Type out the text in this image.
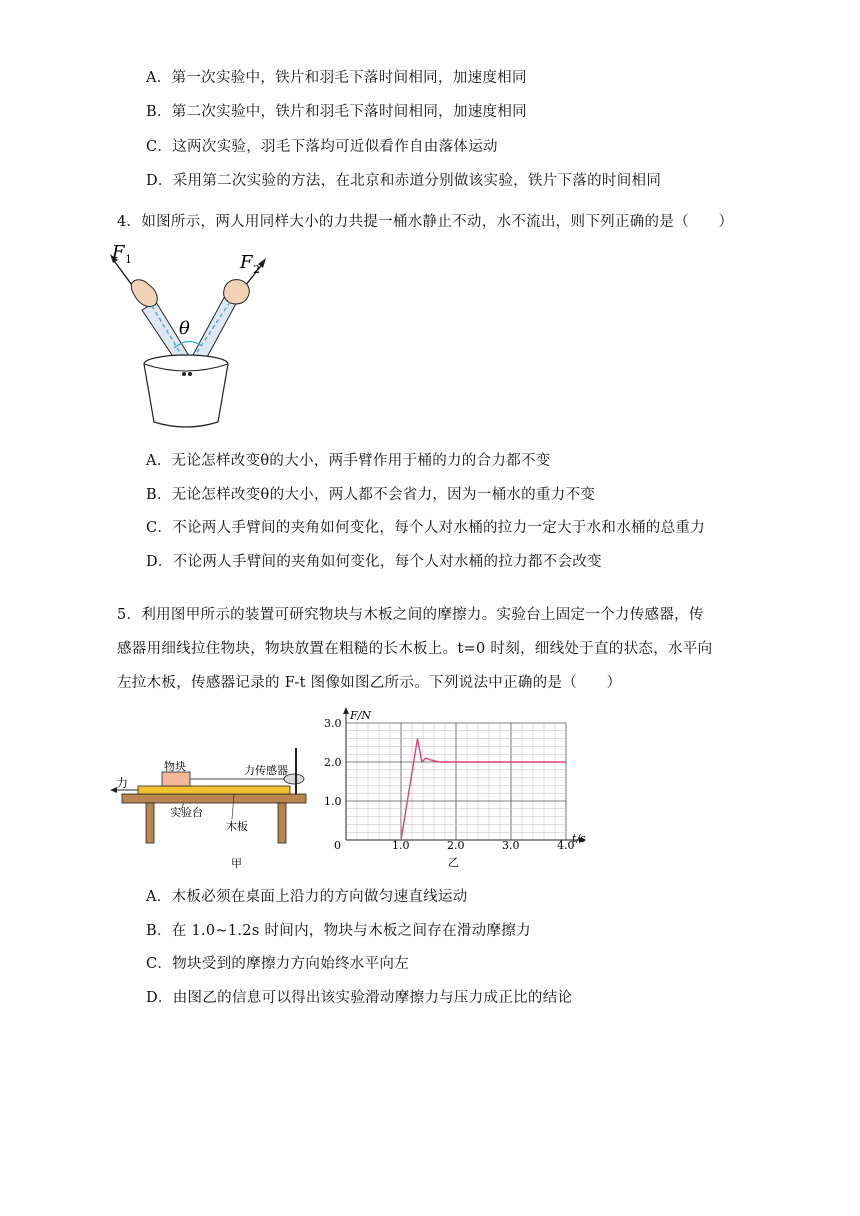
A．第一次实验中，铁片和羽毛下落时间相同，加速度相同
B．第二次实验中，铁片和羽毛下落时间相同，加速度相同
C．这两次实验，羽毛下落均可近似看作自由落体运动
D．采用第二次实验的方法，在北京和赤道分别做该实验，铁片下落的时间相同
4．如图所示，两人用同样大小的力共提一桶水静止不动，水不流出，则下列正确的是（　　）
F 1	F 2
θ
A．无论怎样改变θ的大小，两手臂作用于桶的力的合力都不变
B．无论怎样改变θ的大小，两人都不会省力，因为一桶水的重力不变
C．不论两人手臂间的夹角如何变化，每个人对水桶的拉力一定大于水和水桶的总重力
D．不论两人手臂间的夹角如何变化，每个人对水桶的拉力都不会改变
5．利用图甲所示的装置可研究物块与木板之间的摩擦力。实验台上固定一个力传感器，传
感器用细线拉住物块，物块放置在粗糙的长木板上。t=0 时刻，细线处于直的状态，水平向
左拉木板，传感器记录的 F-t 图像如图乙所示。下列说法中正确的是（　　）
力
物块	力传感器
实验台
木板
甲
0	1.0	2.0	3.0	4.0
1.0
2.0
3.0
F/N
t/s
乙
A．木板必须在桌面上沿力的方向做匀速直线运动
B．在 1.0~1.2s 时间内，物块与木板之间存在滑动摩擦力
C．物块受到的摩擦力方向始终水平向左
D．由图乙的信息可以得出该实验滑动摩擦力与压力成正比的结论
